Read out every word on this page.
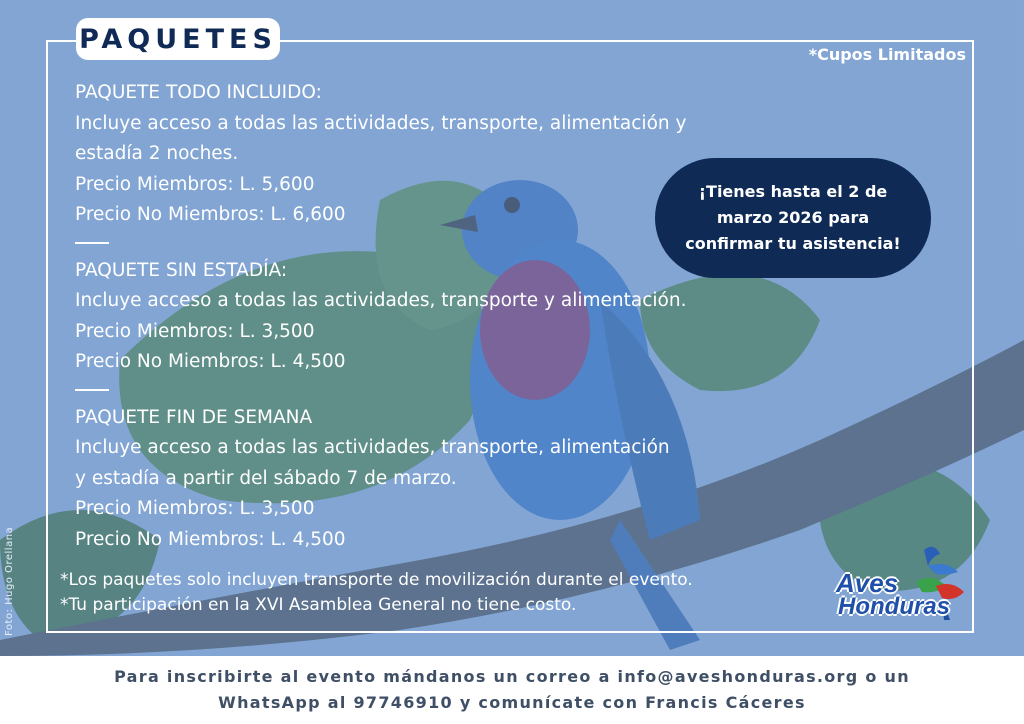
PAQUETES	*Cupos Limitados
PAQUETE TODO INCLUIDO:
Incluye acceso a todas las actividades, transporte, alimentación y
estadía 2 noches.
Precio Miembros: L. 5,600
Precio No Miembros: L. 6,600
PAQUETE SIN ESTADÍA:
Incluye acceso a todas las actividades, transporte y alimentación.
Precio Miembros: L. 3,500
Precio No Miembros: L. 4,500
PAQUETE FIN DE SEMANA
Incluye acceso a todas las actividades, transporte, alimentación
y estadía a partir del sábado 7 de marzo.
Precio Miembros: L. 3,500
Precio No Miembros: L. 4,500
*Los paquetes solo incluyen transporte de movilización durante el evento.
*Tu participación en la XVI Asamblea General no tiene costo.
¡Tienes hasta el 2 de marzo 2026 para confirmar tu asistencia!
Foto: Hugo Orellana	Aves
Honduras
Para inscribirte al evento mándanos un correo a info@aveshonduras.org o un
WhatsApp al 97746910 y comunícate con Francis Cáceres
